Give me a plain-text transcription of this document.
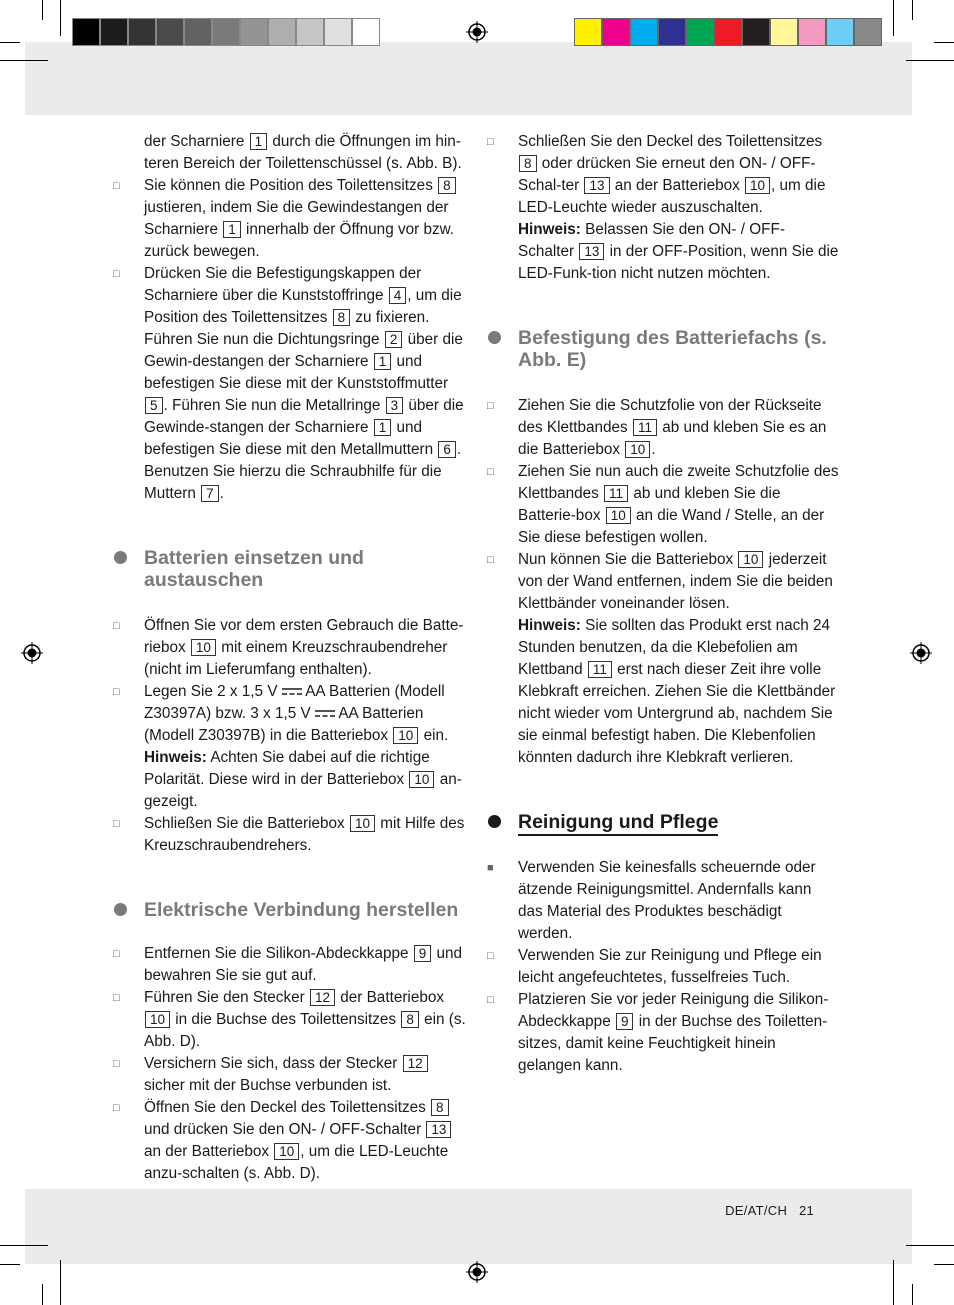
der Scharniere 1 durch die Öffnungen im hin-teren Bereich der Toilettenschüssel (s. Abb. B).
□
Sie können die Position des Toilettensitzes 8 justieren, indem Sie die Gewindestangen der Scharniere 1 innerhalb der Öffnung vor bzw. zurück bewegen.
□
Drücken Sie die Befestigungskappen der Scharniere über die Kunststoffringe 4 , um die Position des Toilettensitzes 8 zu fixieren. Führen Sie nun die Dichtungsringe 2 über die Gewin-destangen der Scharniere 1 und befestigen Sie diese mit der Kunststoffmutter 5 . Führen Sie nun die Metallringe 3 über die Gewinde-stangen der Scharniere 1 und befestigen Sie diese mit den Metallmuttern 6 . Benutzen Sie hierzu die Schraubhilfe für die Muttern 7 .
Batterien einsetzen und austauschen
□
Öffnen Sie vor dem ersten Gebrauch die Batte-riebox 10 mit einem Kreuzschraubendreher (nicht im Lieferumfang enthalten).
□
Legen Sie 2 x 1,5 V AA Batterien (Modell Z30397A) bzw. 3 x 1,5 V AA Batterien (Modell Z30397B) in die Batteriebox 10 ein.
Hinweis: Achten Sie dabei auf die richtige Polarität. Diese wird in der Batteriebox 10 an-gezeigt.
□
Schließen Sie die Batteriebox 10 mit Hilfe des Kreuzschraubendrehers.
Elektrische Verbindung herstellen
□
Entfernen Sie die Silikon-Abdeckkappe 9 und bewahren Sie sie gut auf.
□
Führen Sie den Stecker 12 der Batteriebox 10 in die Buchse des Toilettensitzes 8 ein (s. Abb. D).
□
Versichern Sie sich, dass der Stecker 12 sicher mit der Buchse verbunden ist.
□
Öffnen Sie den Deckel des Toilettensitzes 8 und drücken Sie den ON- / OFF-Schalter 13 an der Batteriebox 10 , um die LED-Leuchte anzu-schalten (s. Abb. D).
□
Schließen Sie den Deckel des Toilettensitzes 8 oder drücken Sie erneut den ON- / OFF-Schal-ter 13 an der Batteriebox 10 , um die LED-Leuchte wieder auszuschalten.
Hinweis: Belassen Sie den ON- / OFF-Schalter 13 in der OFF-Position, wenn Sie die LED-Funk-tion nicht nutzen möchten.
Befestigung des Batteriefachs (s. Abb. E)
□
Ziehen Sie die Schutzfolie von der Rückseite des Klettbandes 11 ab und kleben Sie es an die Batteriebox 10 .
□
Ziehen Sie nun auch die zweite Schutzfolie des Klettbandes 11 ab und kleben Sie die Batterie-box 10 an die Wand / Stelle, an der Sie diese befestigen wollen.
□
Nun können Sie die Batteriebox 10 jederzeit von der Wand entfernen, indem Sie die beiden Klettbänder voneinander lösen.
Hinweis: Sie sollten das Produkt erst nach 24 Stunden benutzen, da die Klebefolien am Klettband 11 erst nach dieser Zeit ihre volle Klebkraft erreichen. Ziehen Sie die Klettbänder nicht wieder vom Untergrund ab, nachdem Sie sie einmal befestigt haben. Die Klebenfolien könnten dadurch ihre Klebkraft verlieren.
Reinigung und Pflege
■
Verwenden Sie keinesfalls scheuernde oder ätzende Reinigungsmittel. Andernfalls kann das Material des Produktes beschädigt werden.
□
Verwenden Sie zur Reinigung und Pflege ein leicht angefeuchtetes, fusselfreies Tuch.
□
Platzieren Sie vor jeder Reinigung die Silikon-Abdeckkappe 9 in der Buchse des Toiletten-sitzes, damit keine Feuchtigkeit hinein gelangen kann.
DE/AT/CH 21
